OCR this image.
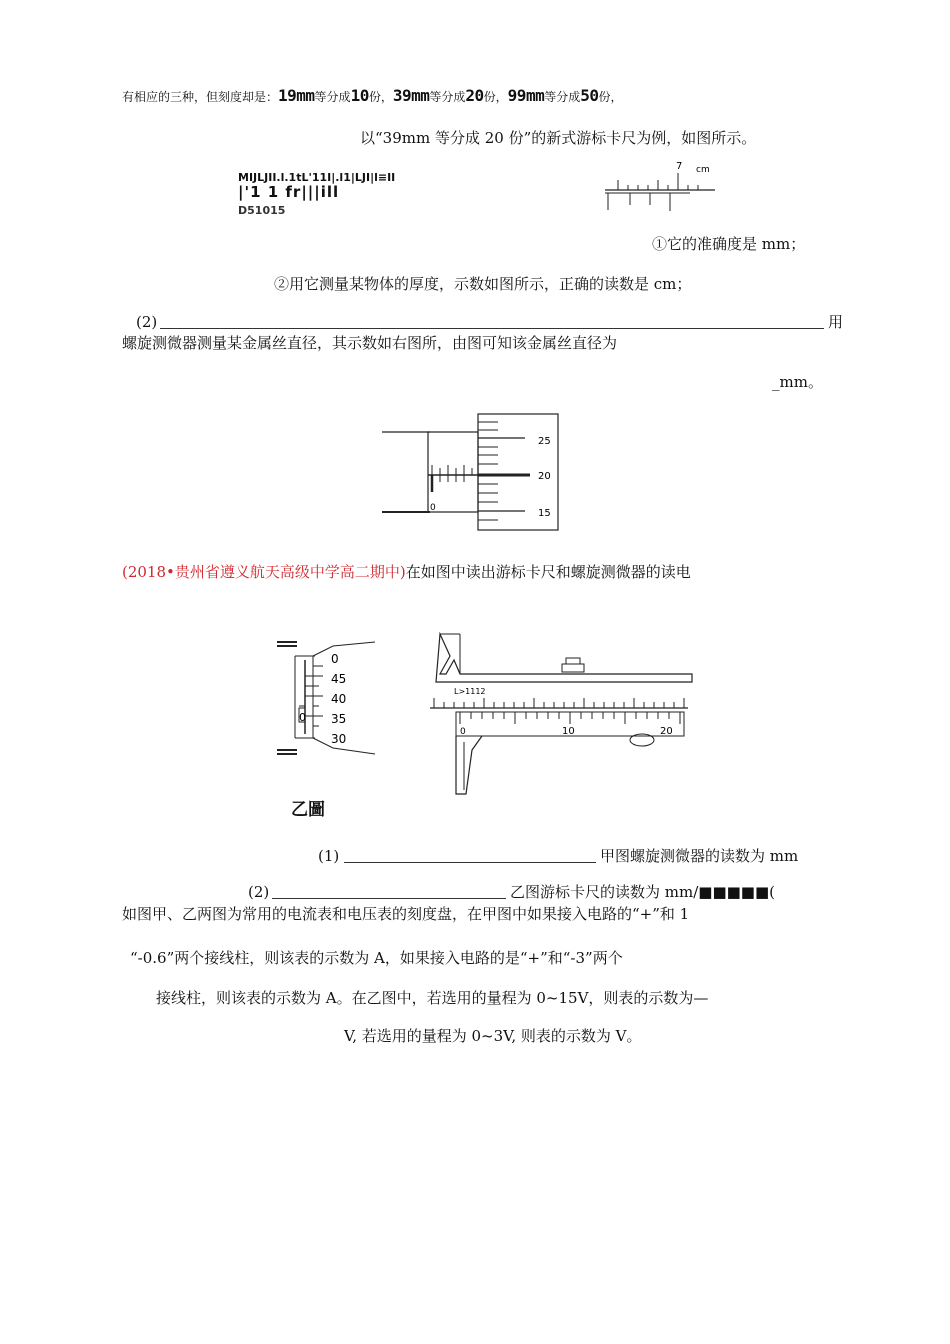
有相应的三种，但刻度却是：19mm等分成10份，39mm等分成20份，99mm等分成50份，
以“39mm 等分成 20 份”的新式游标卡尺为例，如图所示。
MIJLJII.l.1tL'11I|.l1|LJI|l≡II
|'1 1 fr|||ill
D51015
7 cm
①它的准确度是 mm；
②用它测量某物体的厚度，示数如图所示，正确的读数是 cm；
(2)	用
螺旋测微器测量某金属丝直径，其示数如右图所，由图可知该金属丝直径为
_mm。
25
20
15
0
(2018•贵州省遵义航天高级中学高二期中)在如图中读出游标卡尺和螺旋测微器的读电
0
45
40
35
30
0
乙圖
L>1112
0	10	20
(1)	甲图螺旋测微器的读数为 mm
(2)	乙图游标卡尺的读数为 mm/■■■■■(
如图甲、乙两图为常用的电流表和电压表的刻度盘，在甲图中如果接入电路的“+”和 1
“-0.6”两个接线柱，则该表的示数为 A，如果接入电路的是“+”和“-3”两个
接线柱，则该表的示数为 A。在乙图中，若选用的量程为 0~15V，则表的示数为—
V, 若选用的量程为 0~3V, 则表的示数为 V。
